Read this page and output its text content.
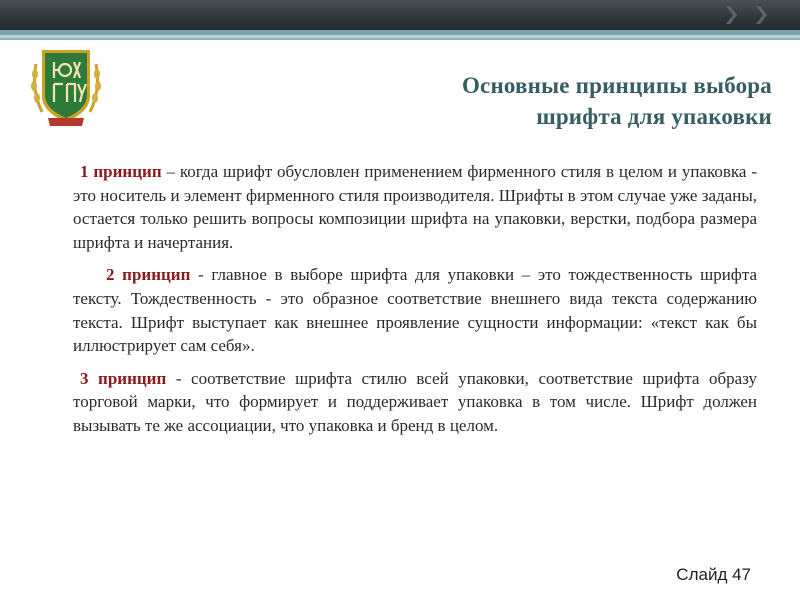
Основные принципы выбора
шрифта для упаковки

1 принцип – когда шрифт обусловлен применением фирменного стиля в целом и упаковка - это носитель и элемент фирменного стиля производителя. Шрифты в этом случае уже заданы, остается только решить вопросы композиции шрифта на упаковки, верстки, подбора размера шрифта и начертания.

2 принцип - главное в выборе шрифта для упаковки – это тождественность шрифта тексту. Тождественность - это образное соответствие внешнего вида текста содержанию текста. Шрифт выступает как внешнее проявление сущности информации: «текст как бы иллюстрирует сам себя».

3 принцип - соответствие шрифта стилю всей упаковки, соответствие шрифта образу торговой марки, что формирует и поддерживает упаковка в том числе. Шрифт должен вызывать те же ассоциации, что упаковка и бренд в целом.

Слайд 47
